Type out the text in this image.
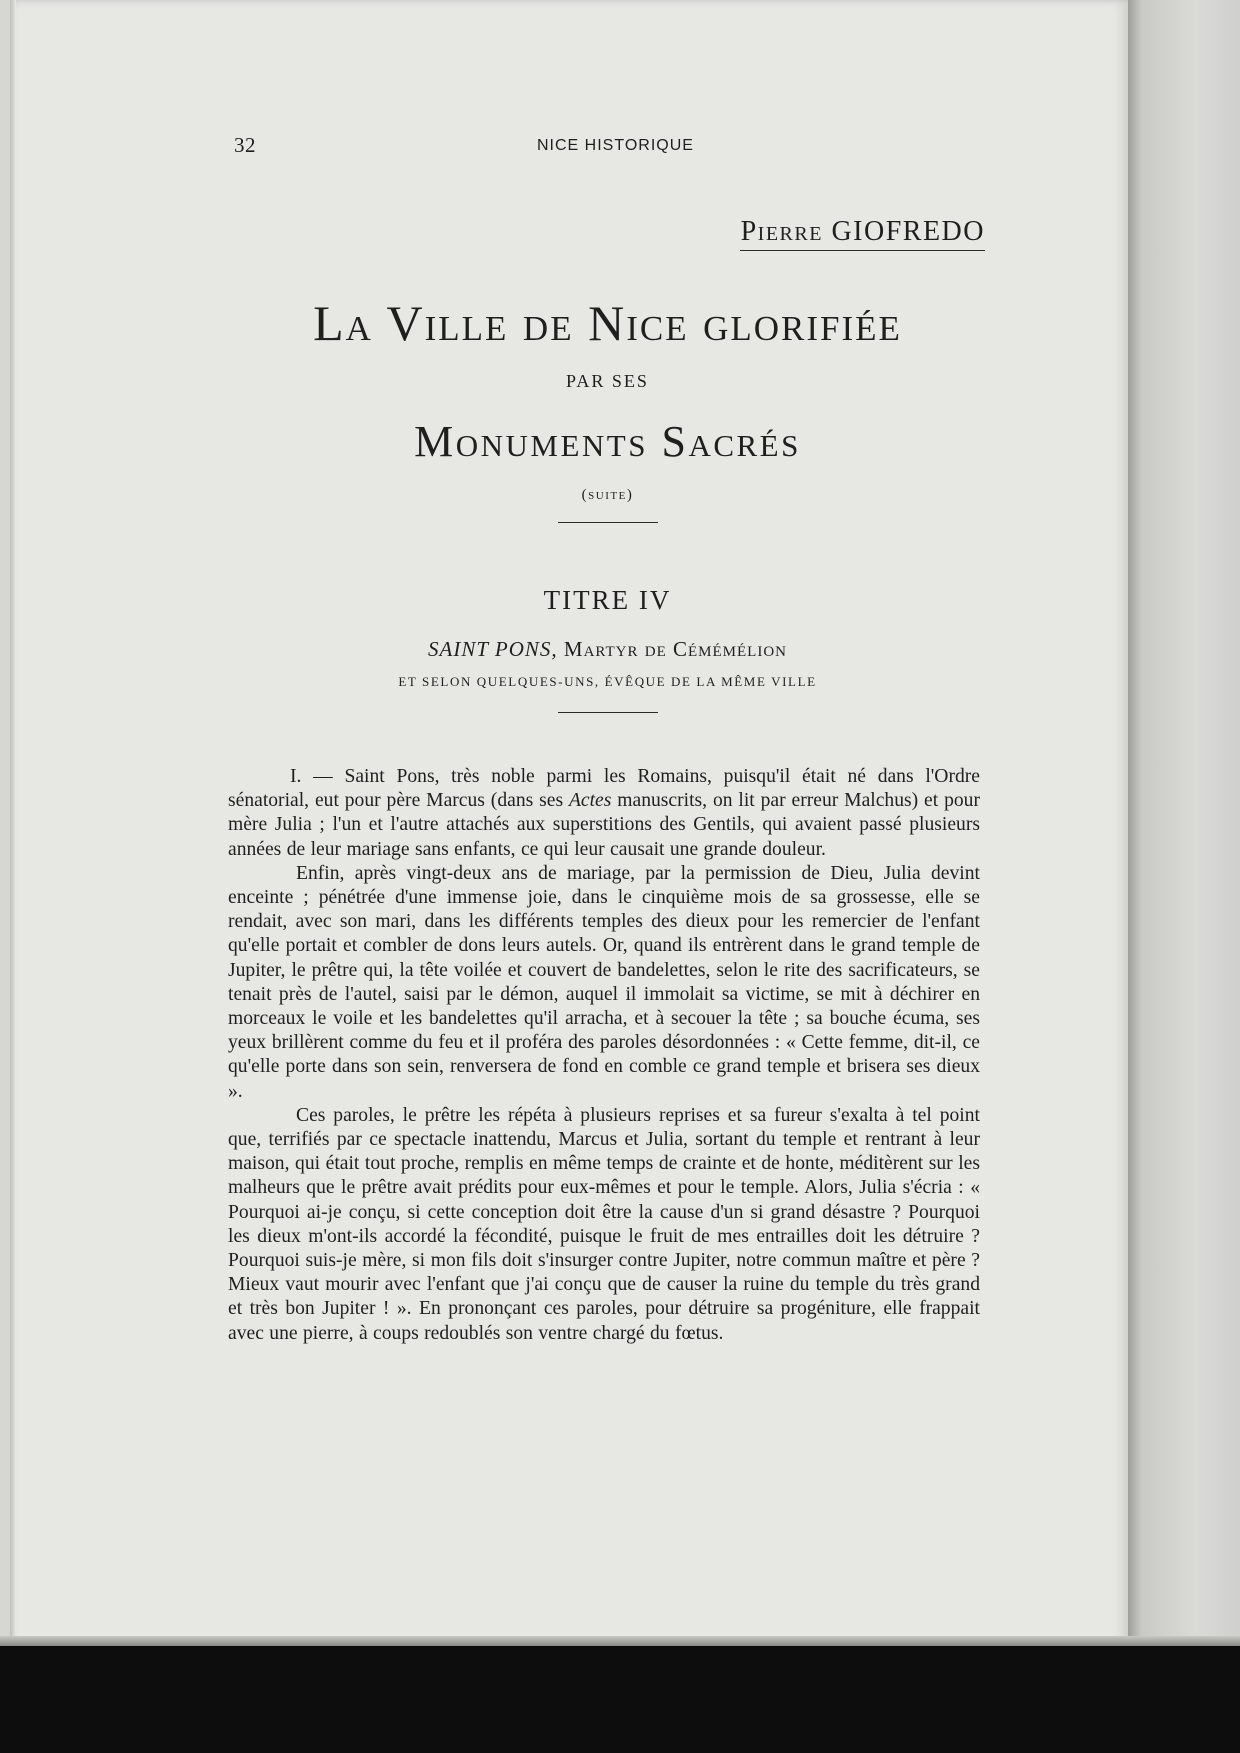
32	NICE HISTORIQUE
Pierre GIOFREDO
La Ville de Nice glorifiée
PAR SES
Monuments Sacrés
(suite)
TITRE IV
SAINT PONS, Martyr de Cémémélion
ET SELON QUELQUES-UNS, ÉVÊQUE DE LA MÊME VILLE

I. — Saint Pons, très noble parmi les Romains, puisqu'il était né dans l'Ordre sénatorial, eut pour père Marcus (dans ses Actes manuscrits, on lit par erreur Malchus) et pour mère Julia ; l'un et l'autre attachés aux superstitions des Gentils, qui avaient passé plusieurs années de leur mariage sans enfants, ce qui leur causait une grande douleur.

Enfin, après vingt-deux ans de mariage, par la permission de Dieu, Julia devint enceinte ; pénétrée d'une immense joie, dans le cinquième mois de sa grossesse, elle se rendait, avec son mari, dans les différents temples des dieux pour les remercier de l'enfant qu'elle portait et combler de dons leurs autels. Or, quand ils entrèrent dans le grand temple de Jupiter, le prêtre qui, la tête voilée et couvert de bandelettes, selon le rite des sacrificateurs, se tenait près de l'autel, saisi par le démon, auquel il immolait sa victime, se mit à déchirer en morceaux le voile et les bandelettes qu'il arracha, et à secouer la tête ; sa bouche écuma, ses yeux brillèrent comme du feu et il proféra des paroles désordonnées : « Cette femme, dit-il, ce qu'elle porte dans son sein, renversera de fond en comble ce grand temple et brisera ses dieux ».

Ces paroles, le prêtre les répéta à plusieurs reprises et sa fureur s'exalta à tel point que, terrifiés par ce spectacle inattendu, Marcus et Julia, sortant du temple et rentrant à leur maison, qui était tout proche, remplis en même temps de crainte et de honte, méditèrent sur les malheurs que le prêtre avait prédits pour eux-mêmes et pour le temple. Alors, Julia s'écria : « Pourquoi ai-je conçu, si cette conception doit être la cause d'un si grand désastre ? Pourquoi les dieux m'ont-ils accordé la fécondité, puisque le fruit de mes entrailles doit les détruire ? Pourquoi suis-je mère, si mon fils doit s'insurger contre Jupiter, notre commun maître et père ? Mieux vaut mourir avec l'enfant que j'ai conçu que de causer la ruine du temple du très grand et très bon Jupiter ! ». En prononçant ces paroles, pour détruire sa progéniture, elle frappait avec une pierre, à coups redoublés son ventre chargé du fœtus.
